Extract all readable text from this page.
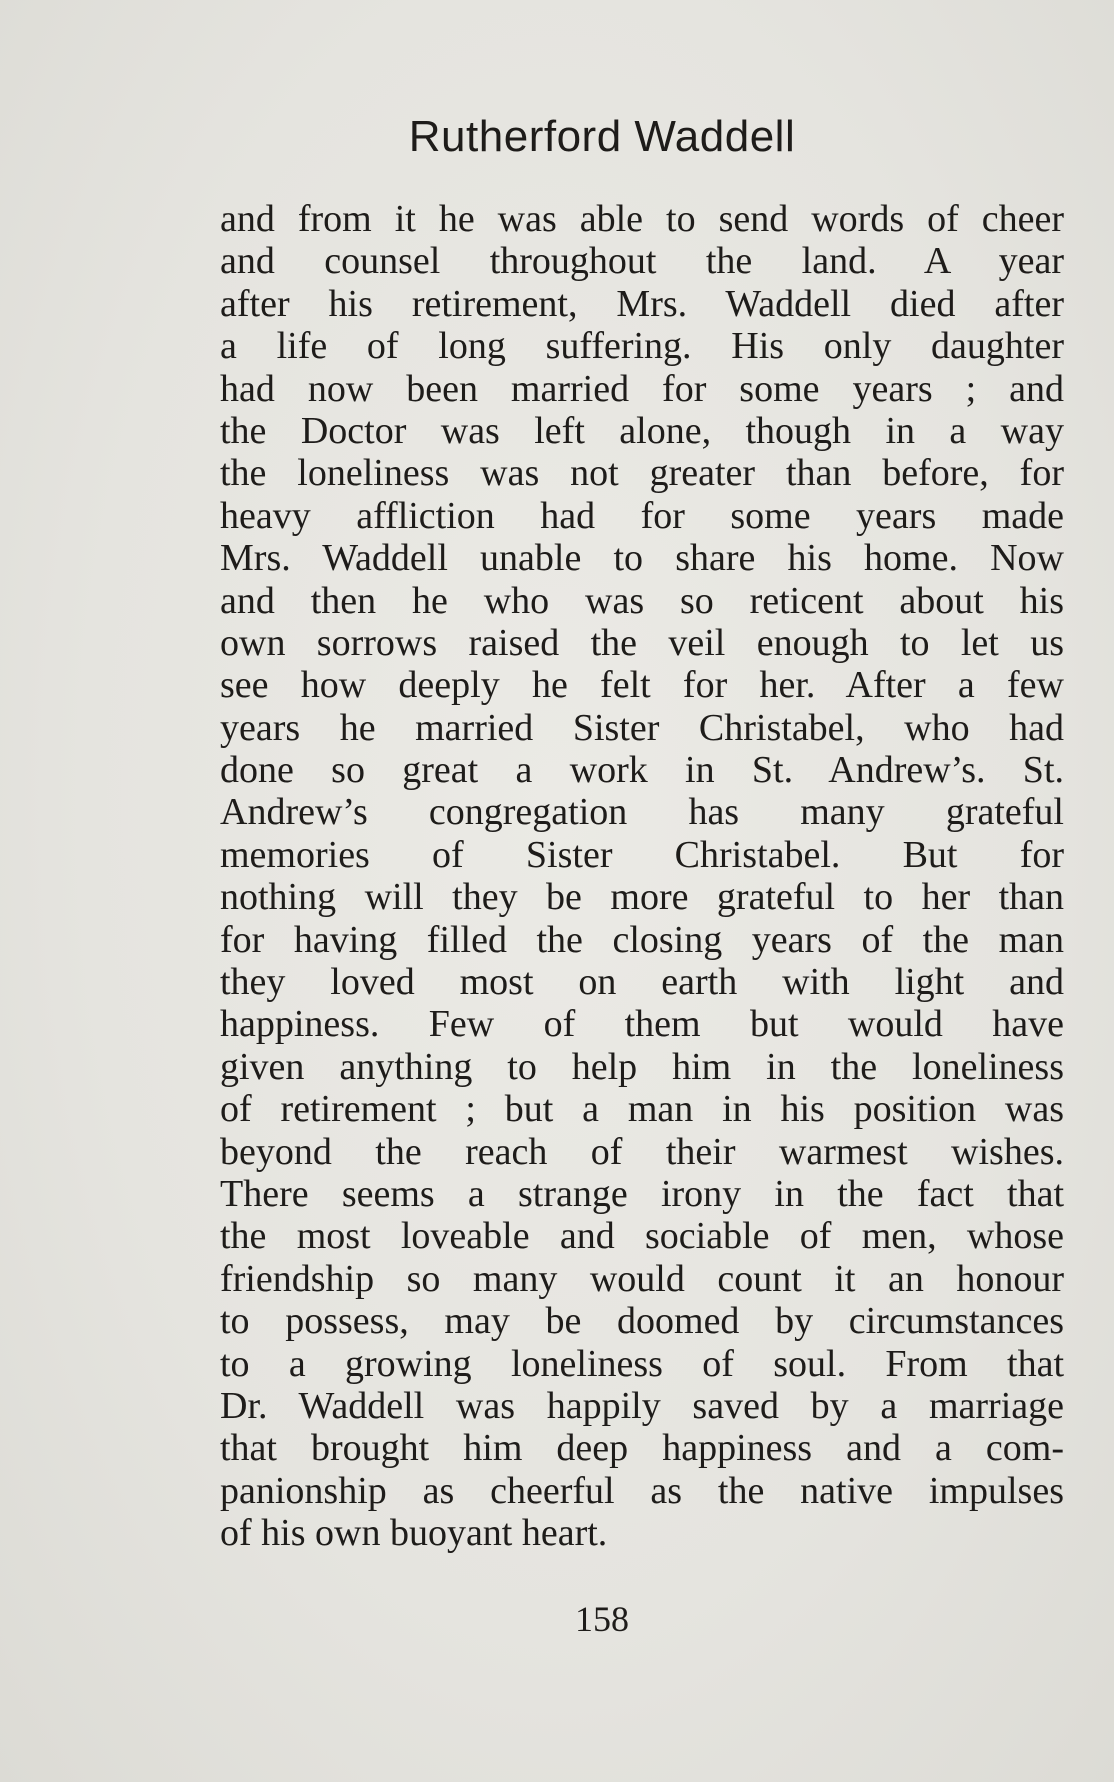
Rutherford Waddell
and from it he was able to send words of cheer
and counsel throughout the land. A year
after his retirement, Mrs. Waddell died after
a life of long suffering. His only daughter
had now been married for some years ; and
the Doctor was left alone, though in a way
the loneliness was not greater than before, for
heavy affliction had for some years made
Mrs. Waddell unable to share his home. Now
and then he who was so reticent about his
own sorrows raised the veil enough to let us
see how deeply he felt for her. After a few
years he married Sister Christabel, who had
done so great a work in St. Andrew’s. St.
Andrew’s congregation has many grateful
memories of Sister Christabel. But for
nothing will they be more grateful to her than
for having filled the closing years of the man
they loved most on earth with light and
happiness. Few of them but would have
given anything to help him in the loneliness
of retirement ; but a man in his position was
beyond the reach of their warmest wishes.
There seems a strange irony in the fact that
the most loveable and sociable of men, whose
friendship so many would count it an honour
to possess, may be doomed by circumstances
to a growing loneliness of soul. From that
Dr. Waddell was happily saved by a marriage
that brought him deep happiness and a com-
panionship as cheerful as the native impulses
of his own buoyant heart.
158
